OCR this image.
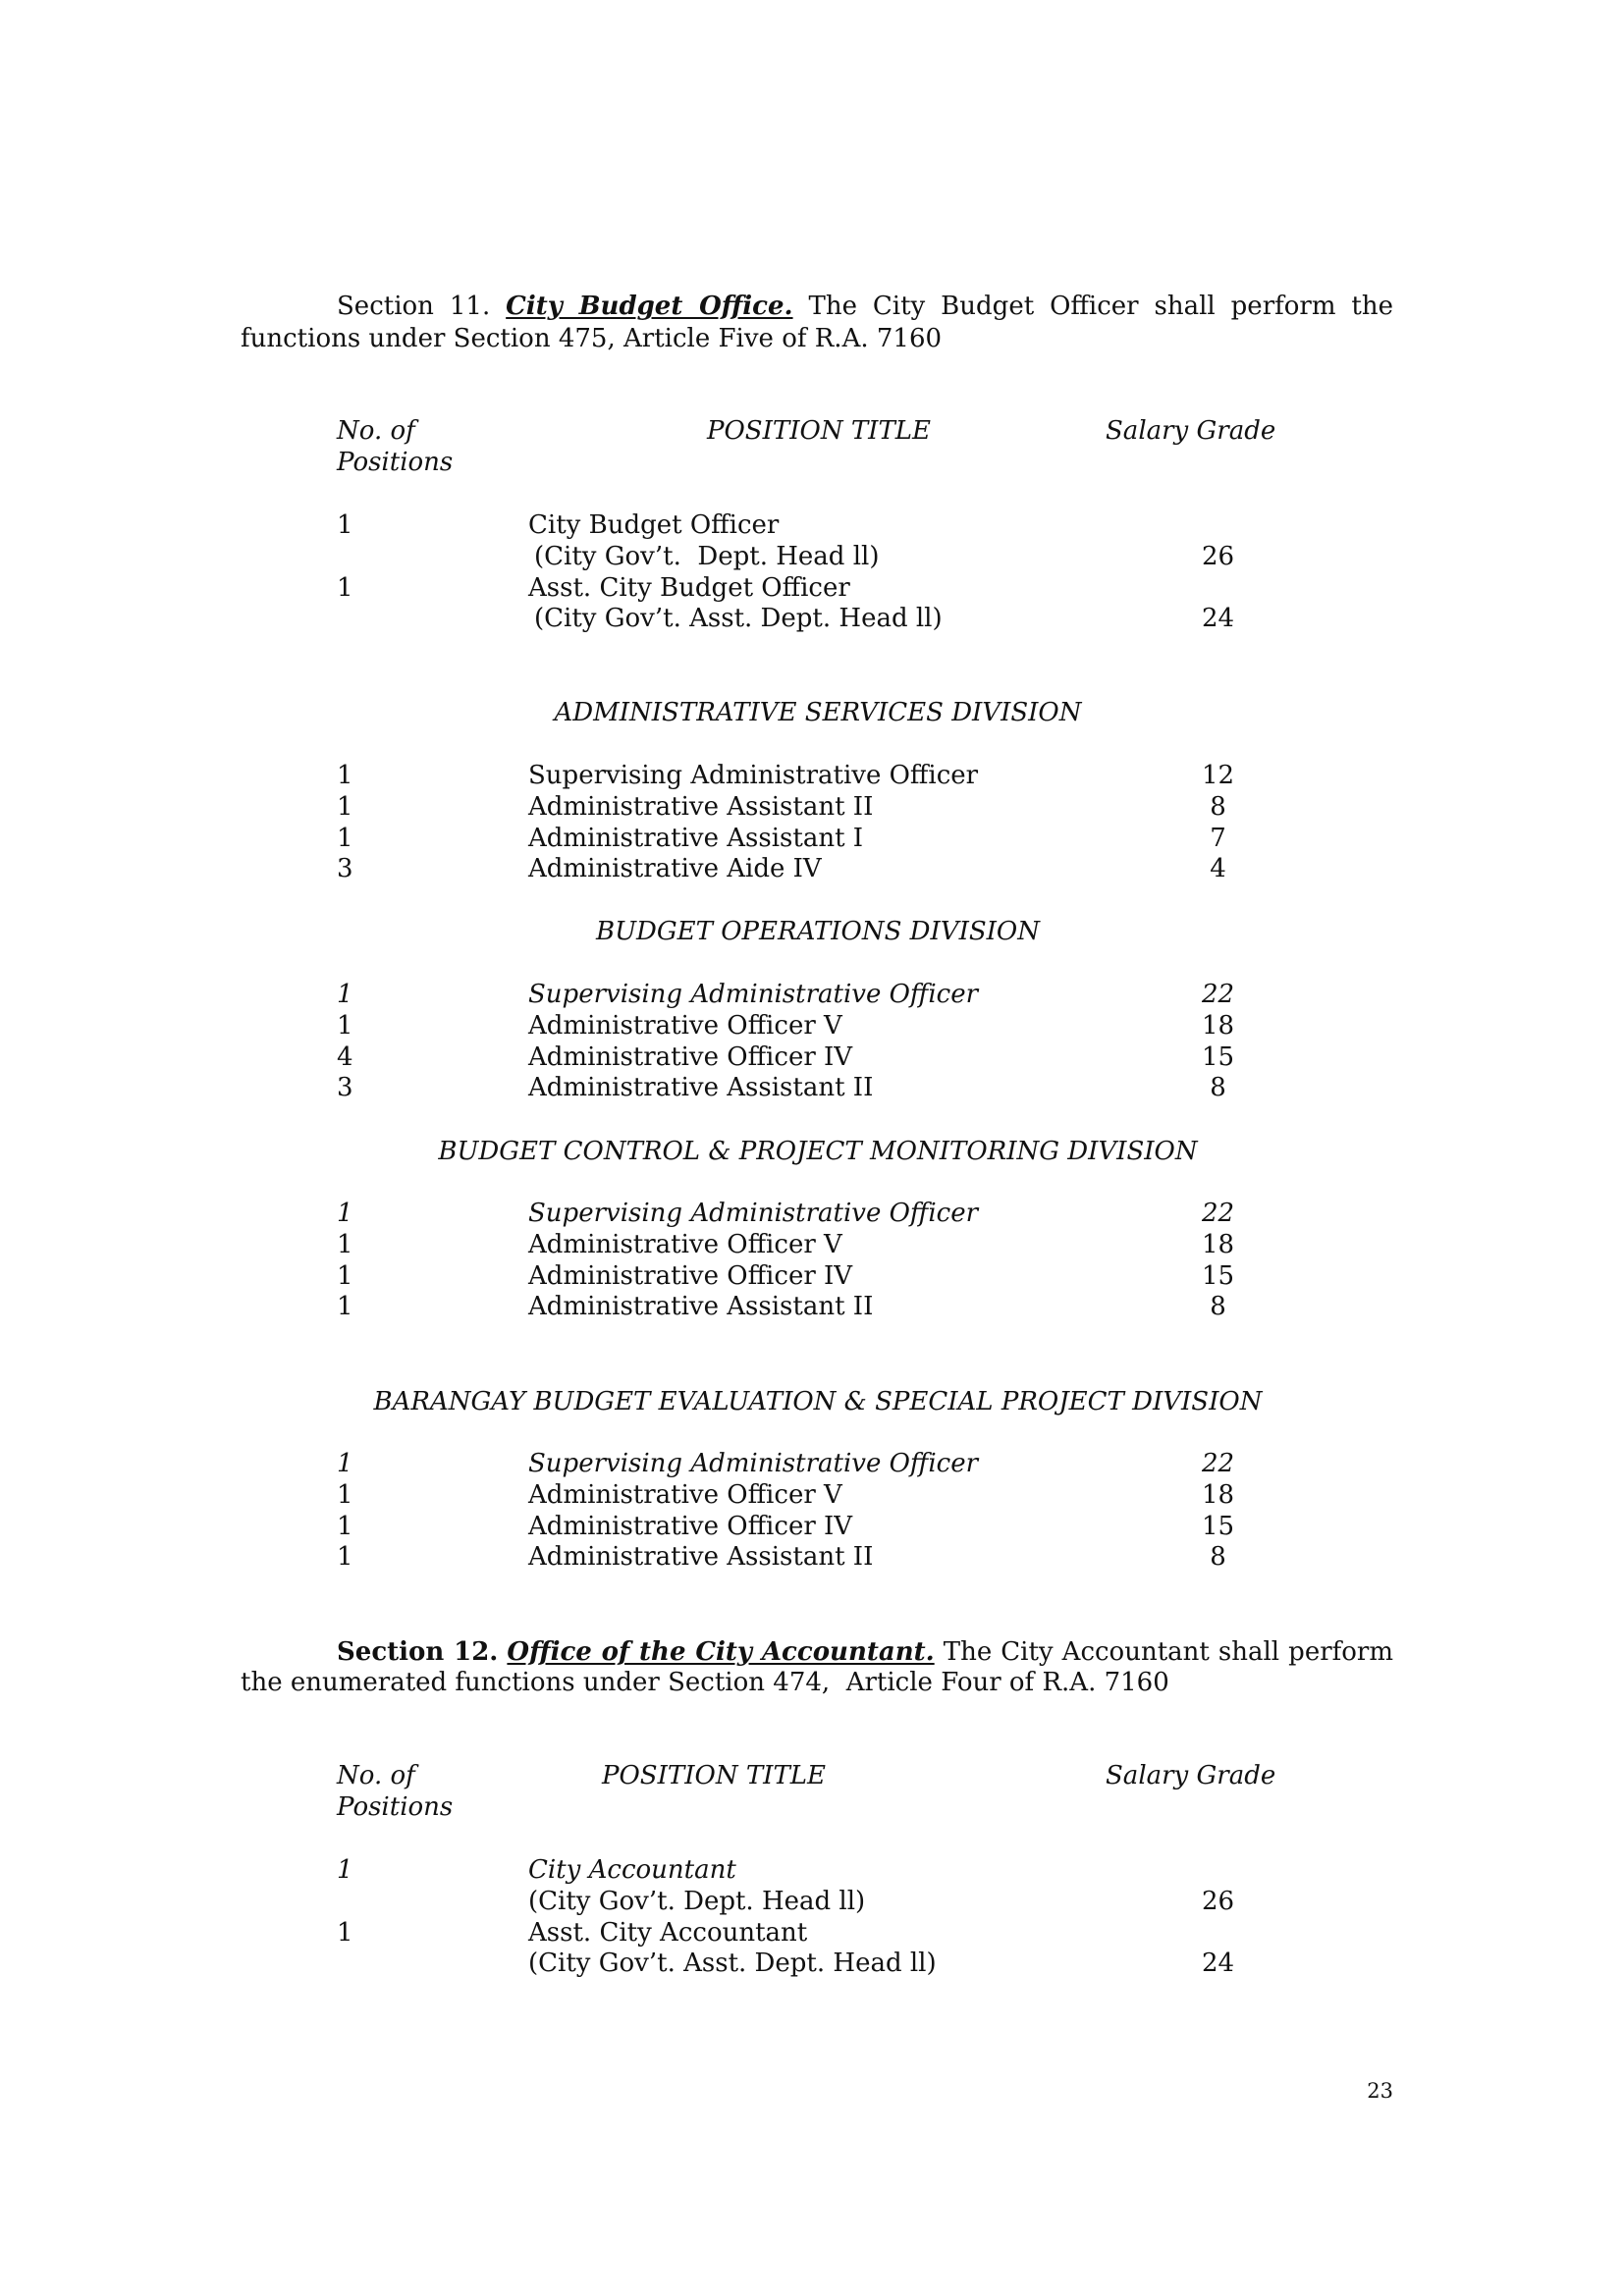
Section 11. City Budget Office. The City Budget Officer shall perform the
functions under Section 475, Article Five of R.A. 7160
No. of	POSITION TITLE	Salary Grade
Positions
1	City Budget Officer
(City Gov’t.  Dept. Head ll)	26
1	Asst. City Budget Officer
(City Gov’t. Asst. Dept. Head ll)	24
ADMINISTRATIVE SERVICES DIVISION
1	Supervising Administrative Officer	12
1	Administrative Assistant II	8
1	Administrative Assistant I	7
3	Administrative Aide IV	4
BUDGET OPERATIONS DIVISION
1	Supervising Administrative Officer	22
1	Administrative Officer V	18
4	Administrative Officer IV	15
3	Administrative Assistant II	8
BUDGET CONTROL & PROJECT MONITORING DIVISION
1	Supervising Administrative Officer	22
1	Administrative Officer V	18
1	Administrative Officer IV	15
1	Administrative Assistant II	8
BARANGAY BUDGET EVALUATION & SPECIAL PROJECT DIVISION
1	Supervising Administrative Officer	22
1	Administrative Officer V	18
1	Administrative Officer IV	15
1	Administrative Assistant II	8
Section 12. Office of the City Accountant. The City Accountant shall perform
the enumerated functions under Section 474,  Article Four of R.A. 7160
No. of	POSITION TITLE	Salary Grade
Positions
1	City Accountant
(City Gov’t. Dept. Head ll)	26
1	Asst. City Accountant
(City Gov’t. Asst. Dept. Head ll)	24
23
